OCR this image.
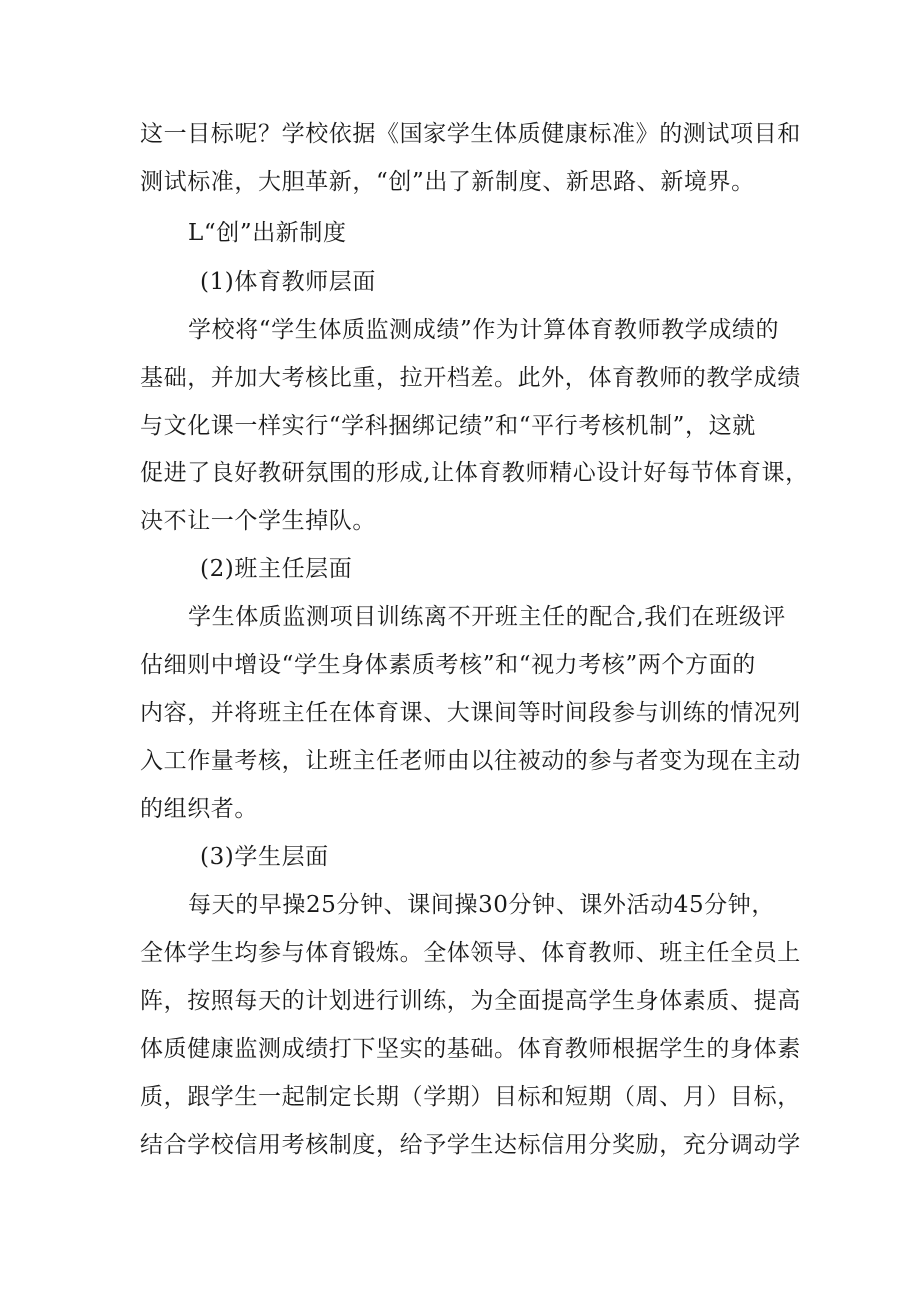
这一目标呢？学校依据《国家学生体质健康标准》的测试项目和
测试标准，大胆革新，“创”出了新制度、新思路、新境界。
L“创”出新制度
(1)体育教师层面
学校将“学生体质监测成绩”作为计算体育教师教学成绩的
基础，并加大考核比重，拉开档差。此外，体育教师的教学成绩
与文化课一样实行“学科捆绑记绩”和“平行考核机制”，这就
促进了良好教研氛围的形成,让体育教师精心设计好每节体育课，
决不让一个学生掉队。
(2)班主任层面
学生体质监测项目训练离不开班主任的配合,我们在班级评
估细则中增设“学生身体素质考核”和“视力考核”两个方面的
内容，并将班主任在体育课、大课间等时间段参与训练的情况列
入工作量考核，让班主任老师由以往被动的参与者变为现在主动
的组织者。
(3)学生层面
每天的早操25分钟、课间操30分钟、课外活动45分钟，
全体学生均参与体育锻炼。全体领导、体育教师、班主任全员上
阵，按照每天的计划进行训练，为全面提高学生身体素质、提高
体质健康监测成绩打下坚实的基础。体育教师根据学生的身体素
质，跟学生一起制定长期（学期）目标和短期（周、月）目标，
结合学校信用考核制度，给予学生达标信用分奖励，充分调动学
